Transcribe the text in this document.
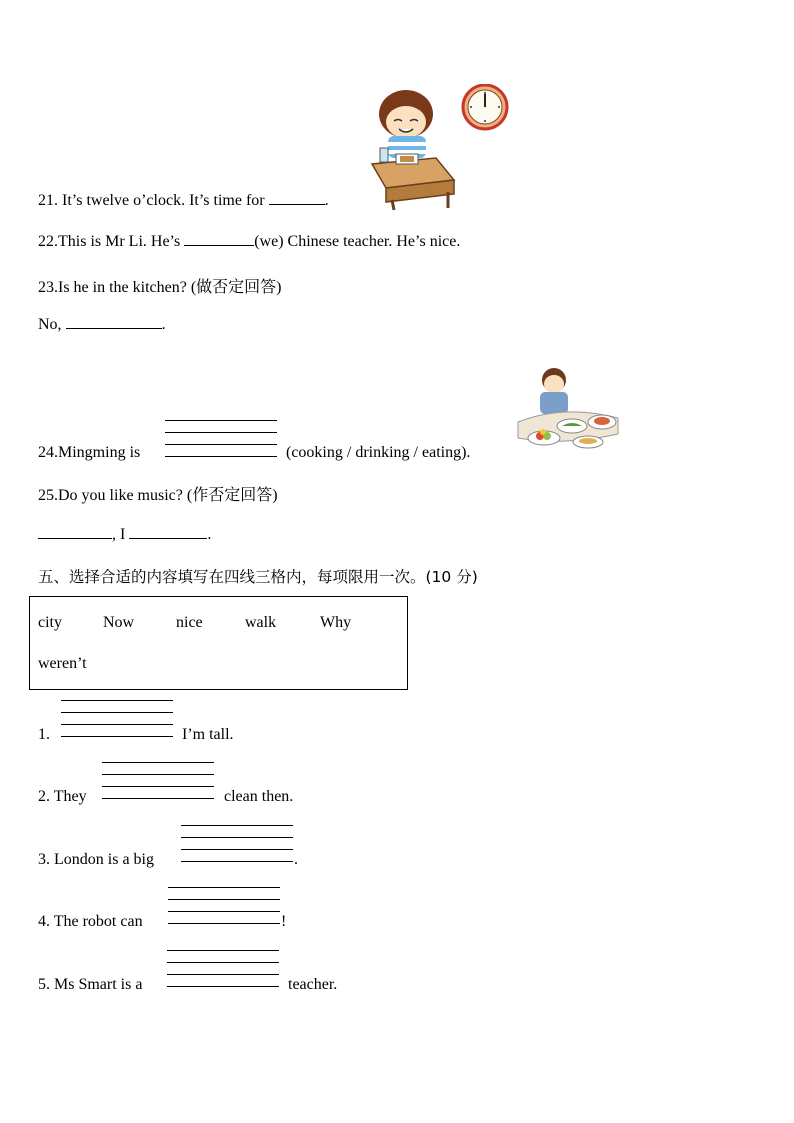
21. It’s twelve o’clock. It’s time for	.
22.This is Mr Li. He’s	(we) Chinese teacher. He’s nice.
23.Is he in the kitchen? (做否定回答)
No,	.
24.Mingming is	(cooking / drinking / eating).
25.Do you like music? (作否定回答)
, I	.
五、选择合适的内容填写在四线三格内，每项限用一次。(10 分)
city	Now	nice	walk	Why
weren’t
1.	I’m tall.
2. They	clean then.
3. London is a big	.
4. The robot can	!
5. Ms Smart is a	teacher.
